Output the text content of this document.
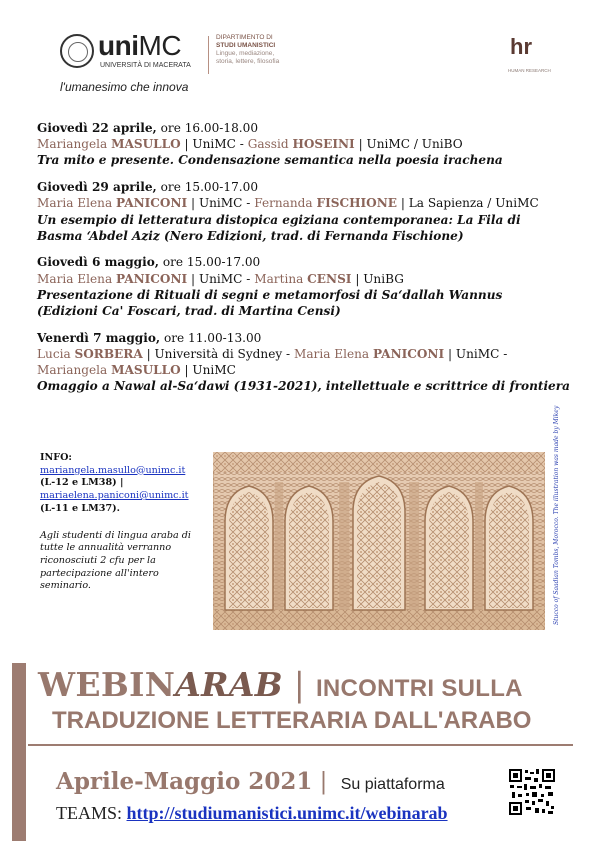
uniMC
UNIVERSITÀ DI MACERATA
l'umanesimo che innova
DIPARTIMENTO DI
STUDI UMANISTICI
Lingue, mediazione,
storia, lettere, filosofia
hr
HUMAN RESEARCH
Giovedì 22 aprile, ore 16.00-18.00
Mariangela MASULLO | UniMC - Gassid HOSEINI | UniMC / UniBO
Tra mito e presente. Condensazione semantica nella poesia irachena
Giovedì 29 aprile, ore 15.00-17.00
Maria Elena PANICONI | UniMC - Fernanda FISCHIONE | La Sapienza / UniMC
Un esempio di letteratura distopica egiziana contemporanea: La Fila di
Basma ʻAbdel Aziz (Nero Edizioni, trad. di Fernanda Fischione)
Giovedì 6 maggio, ore 15.00-17.00
Maria Elena PANICONI | UniMC - Martina CENSI | UniBG
Presentazione di Rituali di segni e metamorfosi di Saʻdallah Wannus
(Edizioni Ca' Foscari, trad. di Martina Censi)
Venerdì 7 maggio, ore 11.00-13.00
Lucia SORBERA | Università di Sydney - Maria Elena PANICONI | UniMC -
Mariangela MASULLO | UniMC
Omaggio a Nawal al-Saʻdawi (1931-2021), intellettuale e scrittrice di frontiera
INFO:
mariangela.masullo@unimc.it
(L-12 e LM38) |
mariaelena.paniconi@unimc.it
(L-11 e LM37).
Agli studenti di lingua araba di tutte le annualità verranno riconosciuti 2 cfu per la partecipazione all'intero seminario.	Stucco of Saadian Tombs, Morocco. The illustration was made by Mikey
WEBINARAB | INCONTRI SULLA
TRADUZIONE LETTERARIA DALL'ARABO
Aprile-Maggio 2021 | Su piattaforma
TEAMS: http://studiumanistici.unimc.it/webinarab
